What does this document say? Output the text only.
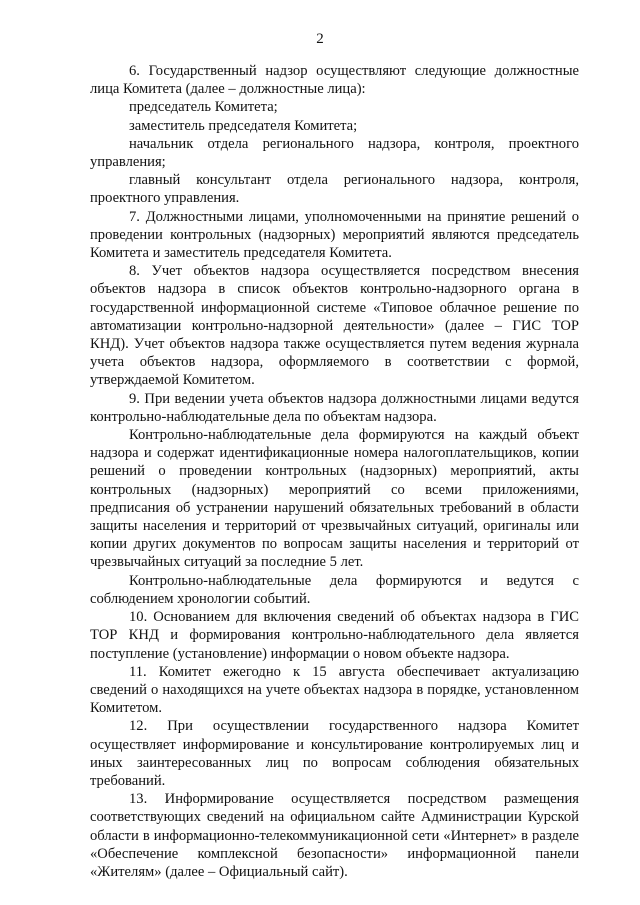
2

6. Государственный надзор осуществляют следующие должностные лица Комитета (далее – должностные лица):

председатель Комитета;

заместитель председателя Комитета;

начальник отдела регионального надзора, контроля, проектного управления;

главный консультант отдела регионального надзора, контроля, проектного управления.

7. Должностными лицами, уполномоченными на принятие решений о проведении контрольных (надзорных) мероприятий являются председатель Комитета и заместитель председателя Комитета.

8. Учет объектов надзора осуществляется посредством внесения объектов надзора в список объектов контрольно-надзорного органа в государственной информационной системе «Типовое облачное решение по автоматизации контрольно-надзорной деятельности» (далее – ГИС ТОР КНД). Учет объектов надзора также осуществляется путем ведения журнала учета объектов надзора, оформляемого в соответствии с формой, утверждаемой Комитетом.

9. При ведении учета объектов надзора должностными лицами ведутся контрольно-наблюдательные дела по объектам надзора.

Контрольно-наблюдательные дела формируются на каждый объект надзора и содержат идентификационные номера налогоплательщиков, копии решений о проведении контрольных (надзорных) мероприятий, акты контрольных (надзорных) мероприятий со всеми приложениями, предписания об устранении нарушений обязательных требований в области защиты населения и территорий от чрезвычайных ситуаций, оригиналы или копии других документов по вопросам защиты населения и территорий от чрезвычайных ситуаций за последние 5 лет.

Контрольно-наблюдательные дела формируются и ведутся с соблюдением хронологии событий.

10. Основанием для включения сведений об объектах надзора в ГИС ТОР КНД и формирования контрольно-наблюдательного дела является поступление (установление) информации о новом объекте надзора.

11. Комитет ежегодно к 15 августа обеспечивает актуализацию сведений о находящихся на учете объектах надзора в порядке, установленном Комитетом.

12. При осуществлении государственного надзора Комитет осуществляет информирование и консультирование контролируемых лиц и иных заинтересованных лиц по вопросам соблюдения обязательных требований.

13. Информирование осуществляется посредством размещения соответствующих сведений на официальном сайте Администрации Курской области в информационно-телекоммуникационной сети «Интернет» в разделе «Обеспечение комплексной безопасности» информационной панели «Жителям» (далее – Официальный сайт).
